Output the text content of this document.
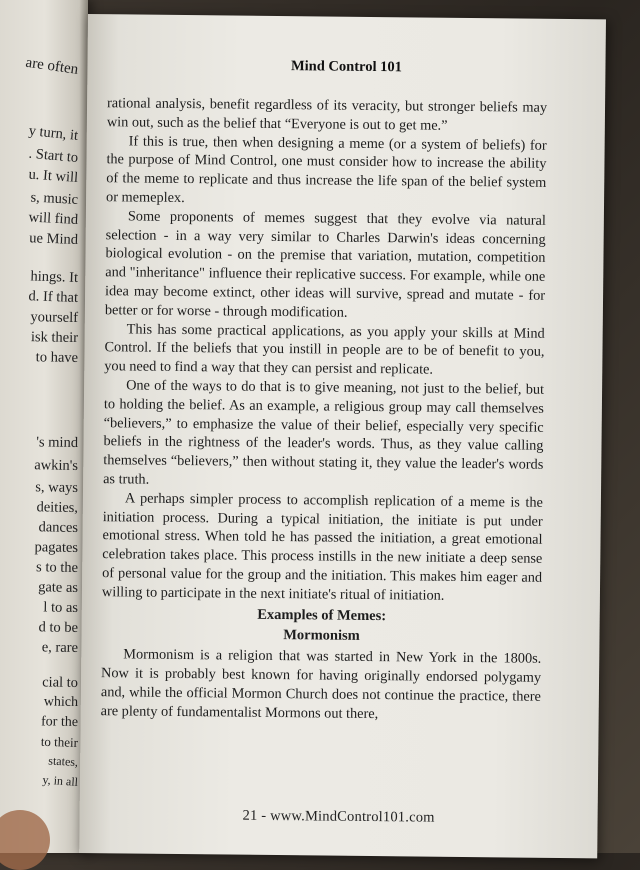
are often
y turn, it
. Start to
u. It will
s, music
will find
ue Mind
hings. It
d. If that
yourself
isk their
to have
's mind
awkin's
s, ways
deities,
dances
pagates
s to the
gate as
l to as
d to be
e, rare
cial to
which
for the
to their
states,
y, in all
Mind Control 101

rational analysis, benefit regardless of its veracity, but stronger beliefs may win out, such as the belief that “Everyone is out to get me.”

If this is true, then when designing a meme (or a system of beliefs) for the purpose of Mind Control, one must consider how to increase the ability of the meme to replicate and thus increase the life span of the belief system or memeplex.

Some proponents of memes suggest that they evolve via natural selection - in a way very similar to Charles Darwin's ideas concerning biological evolution - on the premise that variation, mutation, competition and "inheritance" influence their replicative success. For example, while one idea may become extinct, other ideas will survive, spread and mutate - for better or for worse - through modification.

This has some practical applications, as you apply your skills at Mind Control. If the beliefs that you instill in people are to be of benefit to you, you need to find a way that they can persist and replicate.

One of the ways to do that is to give meaning, not just to the belief, but to holding the belief. As an example, a religious group may call themselves “believers,” to emphasize the value of their belief, especially very specific beliefs in the rightness of the leader's words. Thus, as they value calling themselves “believers,” then without stating it, they value the leader's words as truth.

A perhaps simpler process to accomplish replication of a meme is the initiation process. During a typical initiation, the initiate is put under emotional stress. When told he has passed the initiation, a great emotional celebration takes place. This process instills in the new initiate a deep sense of personal value for the group and the initiation. This makes him eager and willing to participate in the next initiate's ritual of initiation.

Examples of Memes:
Mormonism

Mormonism is a religion that was started in New York in the 1800s. Now it is probably best known for having originally endorsed polygamy and, while the official Mormon Church does not continue the practice, there are plenty of fundamentalist Mormons out there,

21 - www.MindControl101.com
